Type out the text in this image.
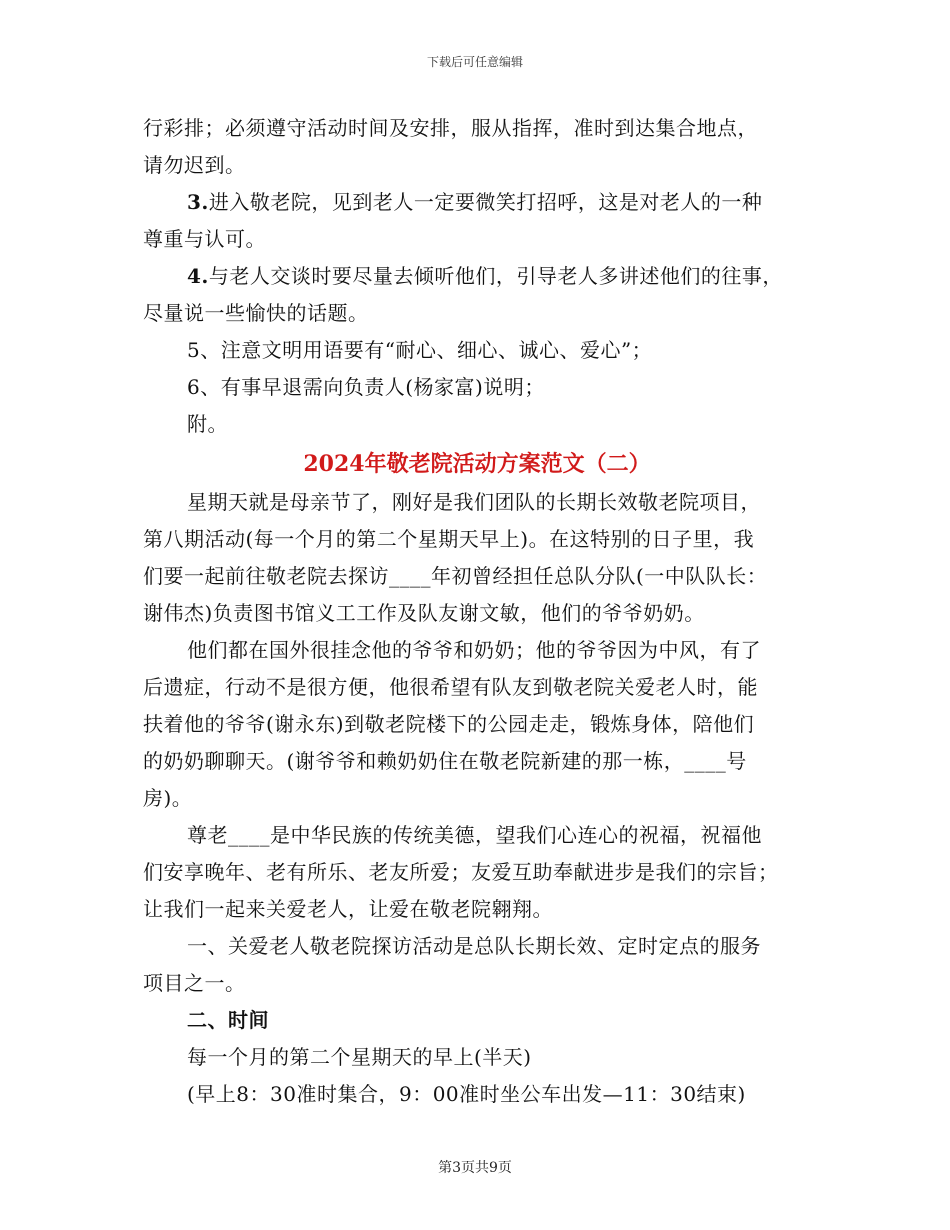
下载后可任意编辑
行彩排；必须遵守活动时间及安排，服从指挥，准时到达集合地点，
请勿迟到。
3.进入敬老院，见到老人一定要微笑打招呼，这是对老人的一种
尊重与认可。
4.与老人交谈时要尽量去倾听他们，引导老人多讲述他们的往事，
尽量说一些愉快的话题。
5、注意文明用语要有“耐心、细心、诚心、爱心”；
6、有事早退需向负责人(杨家富)说明；
附。
2024年敬老院活动方案范文（二）
星期天就是母亲节了，刚好是我们团队的长期长效敬老院项目，
第八期活动(每一个月的第二个星期天早上)。在这特别的日子里，我
们要一起前往敬老院去探访____年初曾经担任总队分队(一中队队长：
谢伟杰)负责图书馆义工工作及队友谢文敏，他们的爷爷奶奶。
他们都在国外很挂念他的爷爷和奶奶；他的爷爷因为中风，有了
后遗症，行动不是很方便，他很希望有队友到敬老院关爱老人时，能
扶着他的爷爷(谢永东)到敬老院楼下的公园走走，锻炼身体，陪他们
的奶奶聊聊天。(谢爷爷和赖奶奶住在敬老院新建的那一栋，____号
房)。
尊老____是中华民族的传统美德，望我们心连心的祝福，祝福他
们安享晚年、老有所乐、老友所爱；友爱互助奉献进步是我们的宗旨；
让我们一起来关爱老人，让爱在敬老院翱翔。
一、关爱老人敬老院探访活动是总队长期长效、定时定点的服务
项目之一。
二、时间
每一个月的第二个星期天的早上(半天)
(早上8：30准时集合，9：00准时坐公车出发—11：30结束)
第3页共9页
